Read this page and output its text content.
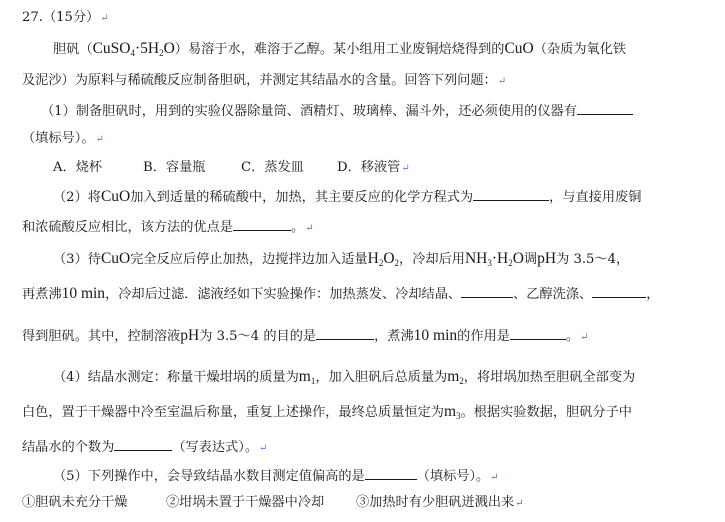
27.（15分）↵
胆矾$(CuSO_4\cdot 5H_2O)$易溶于水，难溶于乙醇。某小组用工业废铜焙烧得到的CuO（杂质为氧化铁
及泥沙）为原料与稀硫酸反应制备胆矾，并测定其结晶水的含量。回答下列问题：↵
（1）制备胆矾时，用到的实验仪器除量筒、酒精灯、玻璃棒、漏斗外，还必须使用的仪器有
（填标号）。↵
A．烧杯	B．容量瓶	C．蒸发皿	D．移液管↵
（2）将CuO加入到适量的稀硫酸中，加热，其主要反应的化学方程式为	，与直接用废铜
和浓硫酸反应相比，该方法的优点是	。↵
（3）待CuO完全反应后停止加热，边搅拌边加入适量$H_2O_2$，冷却后用$NH_3\cdot H_2O$调pH为 3.5～4，
再煮沸10 min，冷却后过滤．滤液经如下实验操作：加热蒸发、冷却结晶、	、乙醇洗涤、	，
得到胆矾。其中，控制溶液pH为 3.5～4 的目的是	，煮沸10 min的作用是	。↵
（4）结晶水测定：称量干燥坩埚的质量为$m_1$，加入胆矾后总质量为$m_2$，将坩埚加热至胆矾全部变为
白色，置于干燥器中冷至室温后称量，重复上述操作，最终总质量恒定为$m_3$。根据实验数据，胆矾分子中
结晶水的个数为	（写表达式）。↵
（5）下列操作中，会导致结晶水数目测定值偏高的是	（填标号）。↵
①胆矾未充分干燥	②坩埚未置于干燥器中冷却 ③加热时有少胆矾迸溅出来↵
